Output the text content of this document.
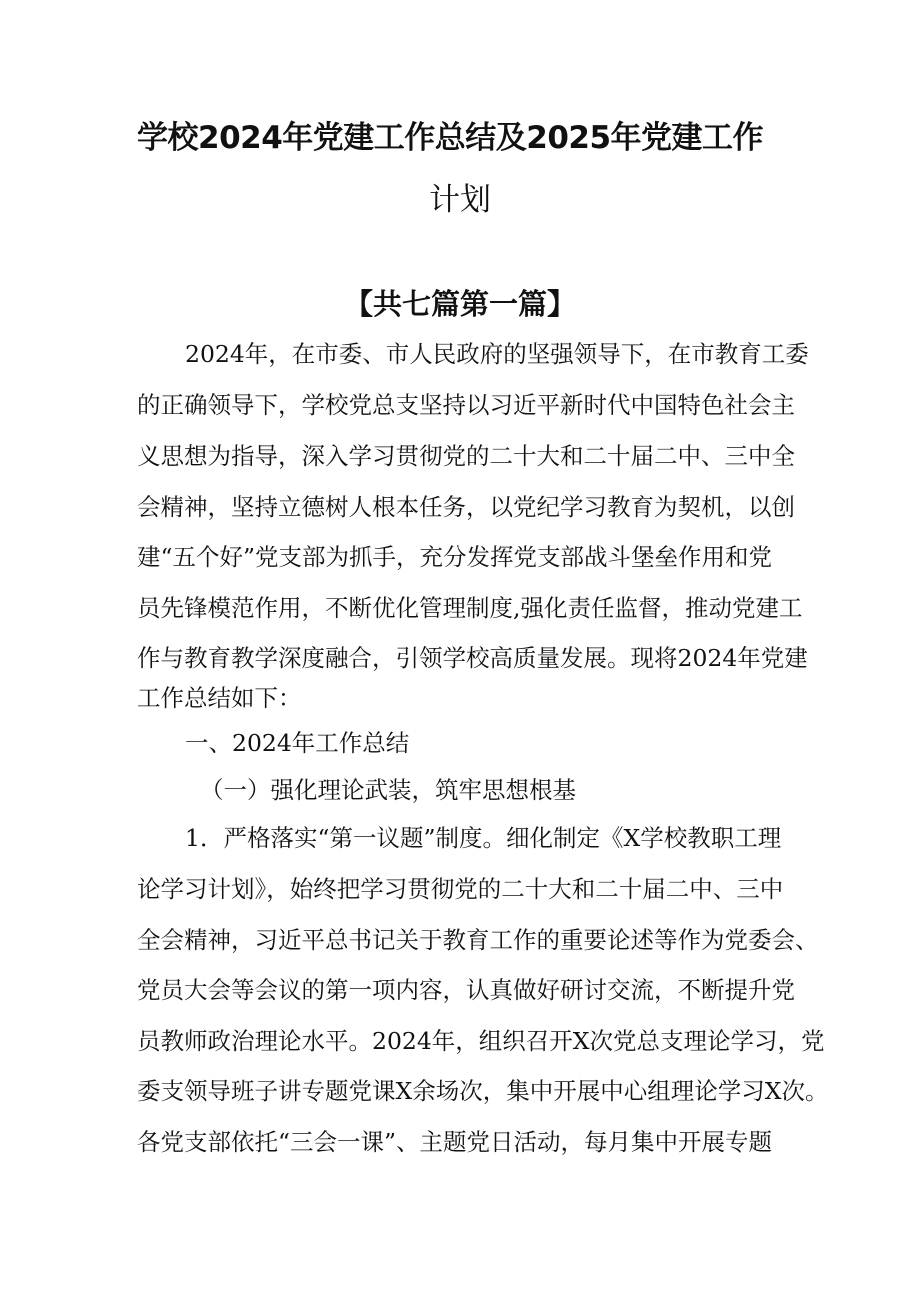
学校2024年党建工作总结及2025年党建工作
计划
【共七篇第一篇】

2024年，在市委、市人民政府的坚强领导下，在市教育工委

的正确领导下，学校党总支坚持以习近平新时代中国特色社会主

义思想为指导，深入学习贯彻党的二十大和二十届二中、三中全

会精神，坚持立德树人根本任务，以党纪学习教育为契机，以创

建“五个好”党支部为抓手，充分发挥党支部战斗堡垒作用和党

员先锋模范作用，不断优化管理制度,强化责任监督，推动党建工

作与教育教学深度融合，引领学校高质量发展。现将2024年党建

工作总结如下：

一、2024年工作总结

（一）强化理论武装，筑牢思想根基

1．严格落实“第一议题”制度。细化制定《X学校教职工理

论学习计划》，始终把学习贯彻党的二十大和二十届二中、三中

全会精神，习近平总书记关于教育工作的重要论述等作为党委会、

党员大会等会议的第一项内容，认真做好研讨交流，不断提升党

员教师政治理论水平。2024年，组织召开X次党总支理论学习，党

委支领导班子讲专题党课X余场次，集中开展中心组理论学习X次。

各党支部依托“三会一课”、主题党日活动，每月集中开展专题
